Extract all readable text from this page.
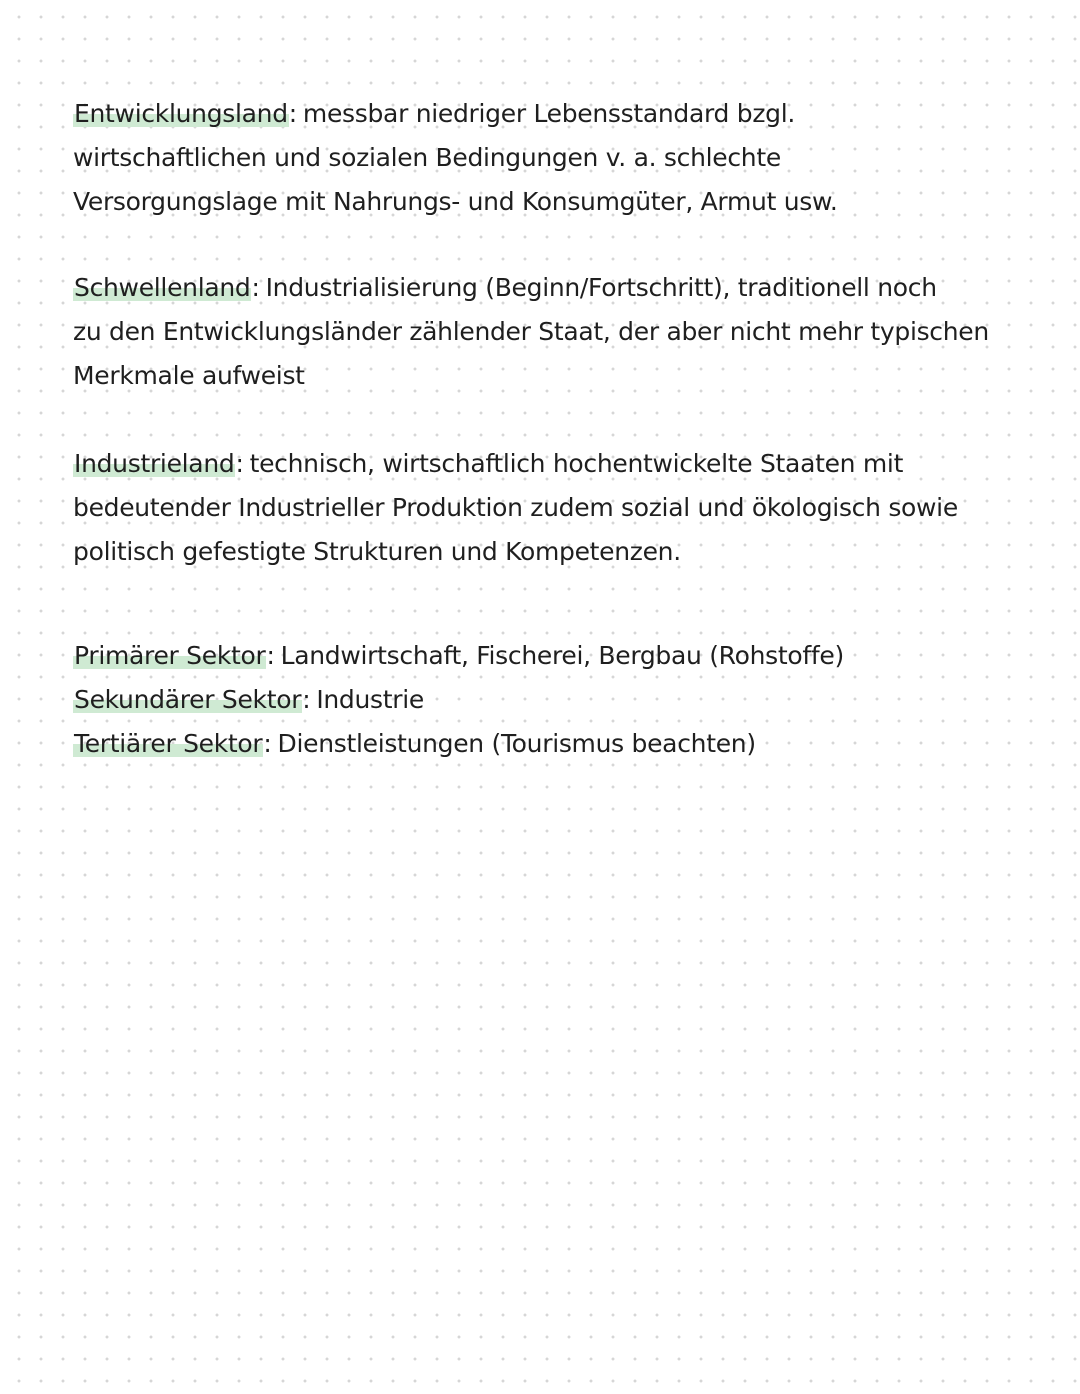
Entwicklungsland: messbar niedriger Lebensstandard bzgl.
wirtschaftlichen und sozialen Bedingungen v. a. schlechte
Versorgungslage mit Nahrungs- und Konsumgüter, Armut usw.
Schwellenland: Industrialisierung (Beginn/Fortschritt), traditionell noch
zu den Entwicklungsländer zählender Staat, der aber nicht mehr typischen
Merkmale aufweist
Industrieland: technisch, wirtschaftlich hochentwickelte Staaten mit
bedeutender Industrieller Produktion zudem sozial und ökologisch sowie
politisch gefestigte Strukturen und Kompetenzen.
Primärer Sektor: Landwirtschaft, Fischerei, Bergbau (Rohstoffe)
Sekundärer Sektor: Industrie
Tertiärer Sektor: Dienstleistungen (Tourismus beachten)
